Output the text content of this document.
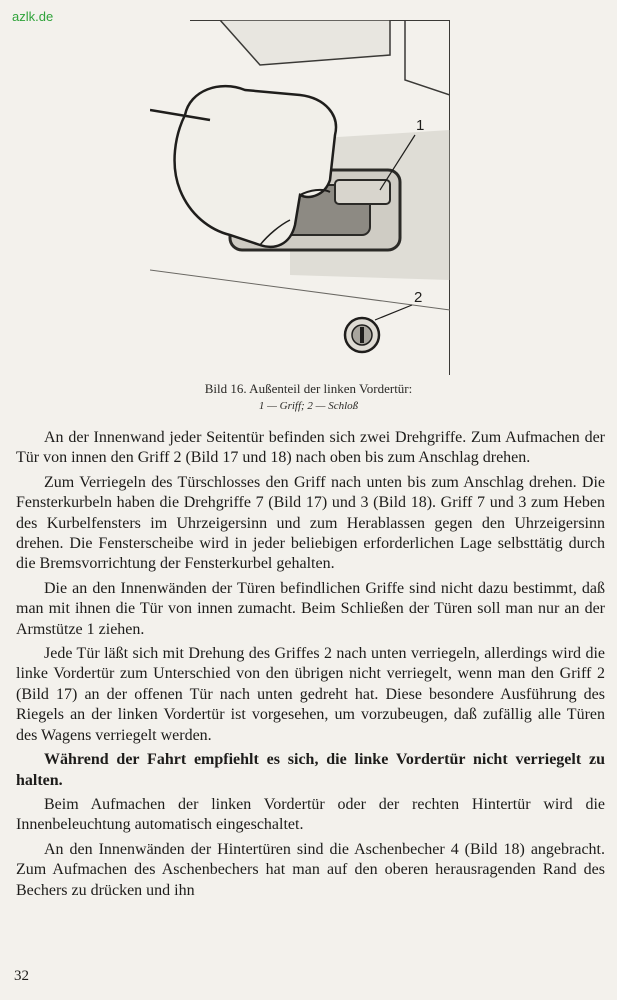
azlk.de
1
2
Bild 16. Außenteil der linken Vordertür:
1 — Griff; 2 — Schloß

An der Innenwand jeder Seitentür befinden sich zwei Drehgriffe. Zum Aufmachen der Tür von innen den Griff 2 (Bild 17 und 18) nach oben bis zum Anschlag drehen.

Zum Verriegeln des Türschlosses den Griff nach unten bis zum Anschlag drehen. Die Fensterkurbeln haben die Drehgriffe 7 (Bild 17) und 3 (Bild 18). Griff 7 und 3 zum Heben des Kurbelfensters im Uhrzeigersinn und zum Herablassen gegen den Uhrzeigersinn drehen. Die Fensterscheibe wird in jeder beliebigen erforderlichen Lage selbsttätig durch die Bremsvorrichtung der Fensterkurbel gehalten.

Die an den Innenwänden der Türen befindlichen Griffe sind nicht dazu bestimmt, daß man mit ihnen die Tür von innen zumacht. Beim Schließen der Türen soll man nur an der Armstütze 1 ziehen.

Jede Tür läßt sich mit Drehung des Griffes 2 nach unten verriegeln, allerdings wird die linke Vordertür zum Unterschied von den übrigen nicht verriegelt, wenn man den Griff 2 (Bild 17) an der offenen Tür nach unten gedreht hat. Diese besondere Ausführung des Riegels an der linken Vordertür ist vorgesehen, um vorzubeugen, daß zufällig alle Türen des Wagens verriegelt werden.

Während der Fahrt empfiehlt es sich, die linke Vordertür nicht verriegelt zu halten.

Beim Aufmachen der linken Vordertür oder der rechten Hintertür wird die Innenbeleuchtung automatisch eingeschaltet.

An den Innenwänden der Hintertüren sind die Aschenbecher 4 (Bild 18) angebracht. Zum Aufmachen des Aschenbechers hat man auf den oberen herausragenden Rand des Bechers zu drücken und ihn

32
